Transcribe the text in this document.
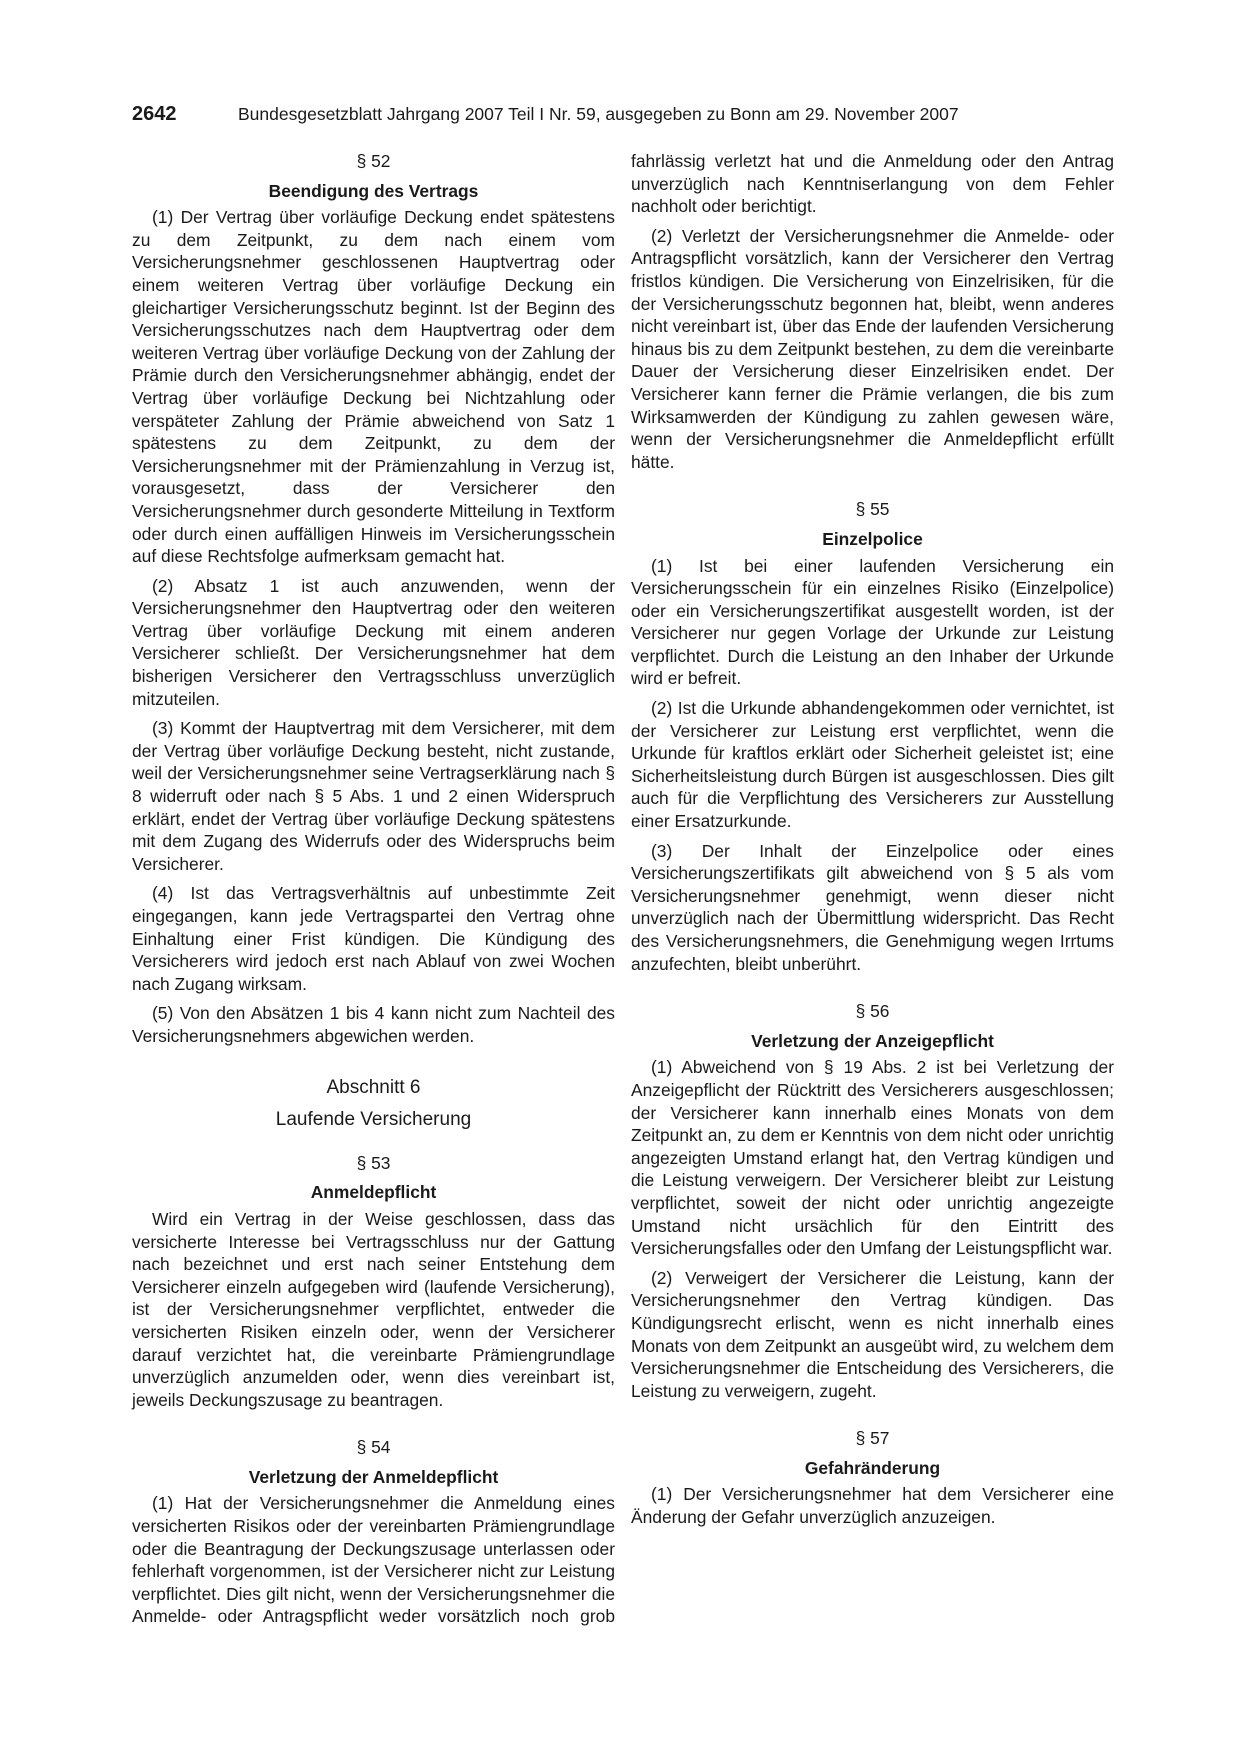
2642	Bundesgesetzblatt Jahrgang 2007 Teil I Nr. 59, ausgegeben zu Bonn am 29. November 2007
§ 52
Beendigung des Vertrags

(1) Der Vertrag über vorläufige Deckung endet spätestens zu dem Zeitpunkt, zu dem nach einem vom Versicherungsnehmer geschlossenen Hauptvertrag oder einem weiteren Vertrag über vorläufige Deckung ein gleichartiger Versicherungsschutz beginnt. Ist der Beginn des Versicherungsschutzes nach dem Hauptvertrag oder dem weiteren Vertrag über vorläufige Deckung von der Zahlung der Prämie durch den Versicherungsnehmer abhängig, endet der Vertrag über vorläufige Deckung bei Nichtzahlung oder verspäteter Zahlung der Prämie abweichend von Satz 1 spätestens zu dem Zeitpunkt, zu dem der Versicherungsnehmer mit der Prämienzahlung in Verzug ist, vorausgesetzt, dass der Versicherer den Versicherungsnehmer durch gesonderte Mitteilung in Textform oder durch einen auffälligen Hinweis im Versicherungsschein auf diese Rechtsfolge aufmerksam gemacht hat.

(2) Absatz 1 ist auch anzuwenden, wenn der Versicherungsnehmer den Hauptvertrag oder den weiteren Vertrag über vorläufige Deckung mit einem anderen Versicherer schließt. Der Versicherungsnehmer hat dem bisherigen Versicherer den Vertragsschluss unverzüglich mitzuteilen.

(3) Kommt der Hauptvertrag mit dem Versicherer, mit dem der Vertrag über vorläufige Deckung besteht, nicht zustande, weil der Versicherungsnehmer seine Vertragserklärung nach § 8 widerruft oder nach § 5 Abs. 1 und 2 einen Widerspruch erklärt, endet der Vertrag über vorläufige Deckung spätestens mit dem Zugang des Widerrufs oder des Widerspruchs beim Versicherer.

(4) Ist das Vertragsverhältnis auf unbestimmte Zeit eingegangen, kann jede Vertragspartei den Vertrag ohne Einhaltung einer Frist kündigen. Die Kündigung des Versicherers wird jedoch erst nach Ablauf von zwei Wochen nach Zugang wirksam.

(5) Von den Absätzen 1 bis 4 kann nicht zum Nachteil des Versicherungsnehmers abgewichen werden.

Abschnitt 6
Laufende Versicherung
§ 53
Anmeldepflicht

Wird ein Vertrag in der Weise geschlossen, dass das versicherte Interesse bei Vertragsschluss nur der Gattung nach bezeichnet und erst nach seiner Entstehung dem Versicherer einzeln aufgegeben wird (laufende Versicherung), ist der Versicherungsnehmer verpflichtet, entweder die versicherten Risiken einzeln oder, wenn der Versicherer darauf verzichtet hat, die vereinbarte Prämiengrundlage unverzüglich anzumelden oder, wenn dies vereinbart ist, jeweils Deckungszusage zu beantragen.

§ 54
Verletzung der Anmeldepflicht

(1) Hat der Versicherungsnehmer die Anmeldung eines versicherten Risikos oder der vereinbarten Prämiengrundlage oder die Beantragung der Deckungszusage unterlassen oder fehlerhaft vorgenommen, ist der Versicherer nicht zur Leistung verpflichtet. Dies gilt nicht, wenn der Versicherungsnehmer die Anmelde- oder Antragspflicht weder vorsätzlich noch grob

fahrlässig verletzt hat und die Anmeldung oder den Antrag unverzüglich nach Kenntniserlangung von dem Fehler nachholt oder berichtigt.

(2) Verletzt der Versicherungsnehmer die Anmelde- oder Antragspflicht vorsätzlich, kann der Versicherer den Vertrag fristlos kündigen. Die Versicherung von Einzelrisiken, für die der Versicherungsschutz begonnen hat, bleibt, wenn anderes nicht vereinbart ist, über das Ende der laufenden Versicherung hinaus bis zu dem Zeitpunkt bestehen, zu dem die vereinbarte Dauer der Versicherung dieser Einzelrisiken endet. Der Versicherer kann ferner die Prämie verlangen, die bis zum Wirksamwerden der Kündigung zu zahlen gewesen wäre, wenn der Versicherungsnehmer die Anmeldepflicht erfüllt hätte.

§ 55
Einzelpolice

(1) Ist bei einer laufenden Versicherung ein Versicherungsschein für ein einzelnes Risiko (Einzelpolice) oder ein Versicherungszertifikat ausgestellt worden, ist der Versicherer nur gegen Vorlage der Urkunde zur Leistung verpflichtet. Durch die Leistung an den Inhaber der Urkunde wird er befreit.

(2) Ist die Urkunde abhandengekommen oder vernichtet, ist der Versicherer zur Leistung erst verpflichtet, wenn die Urkunde für kraftlos erklärt oder Sicherheit geleistet ist; eine Sicherheitsleistung durch Bürgen ist ausgeschlossen. Dies gilt auch für die Verpflichtung des Versicherers zur Ausstellung einer Ersatzurkunde.

(3) Der Inhalt der Einzelpolice oder eines Versicherungszertifikats gilt abweichend von § 5 als vom Versicherungsnehmer genehmigt, wenn dieser nicht unverzüglich nach der Übermittlung widerspricht. Das Recht des Versicherungsnehmers, die Genehmigung wegen Irrtums anzufechten, bleibt unberührt.

§ 56
Verletzung der Anzeigepflicht

(1) Abweichend von § 19 Abs. 2 ist bei Verletzung der Anzeigepflicht der Rücktritt des Versicherers ausgeschlossen; der Versicherer kann innerhalb eines Monats von dem Zeitpunkt an, zu dem er Kenntnis von dem nicht oder unrichtig angezeigten Umstand erlangt hat, den Vertrag kündigen und die Leistung verweigern. Der Versicherer bleibt zur Leistung verpflichtet, soweit der nicht oder unrichtig angezeigte Umstand nicht ursächlich für den Eintritt des Versicherungsfalles oder den Umfang der Leistungspflicht war.

(2) Verweigert der Versicherer die Leistung, kann der Versicherungsnehmer den Vertrag kündigen. Das Kündigungsrecht erlischt, wenn es nicht innerhalb eines Monats von dem Zeitpunkt an ausgeübt wird, zu welchem dem Versicherungsnehmer die Entscheidung des Versicherers, die Leistung zu verweigern, zugeht.

§ 57
Gefahränderung

(1) Der Versicherungsnehmer hat dem Versicherer eine Änderung der Gefahr unverzüglich anzuzeigen.
